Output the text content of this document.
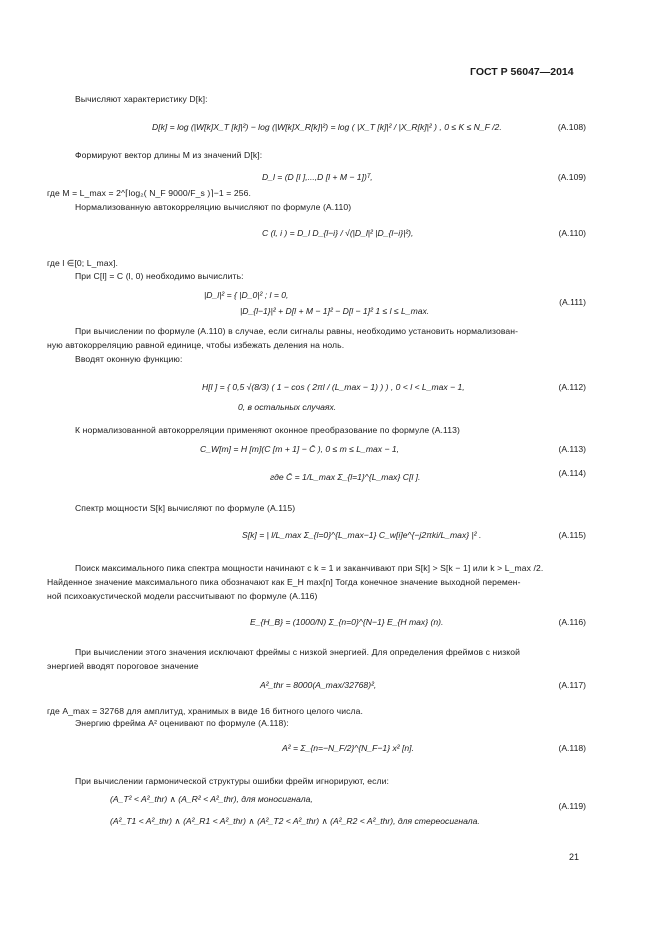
ГОСТ Р 56047—2014
Вычисляют характеристику D[k]:
D[k] = log (|W[k]X_T [k]|²) − log (|W[k]X_R[k]|²) = log ( |X_T [k]|² / |X_R[k]|² ) , 0 ≤ K ≤ N_F /2.	(А.108)
Формируют вектор длины M из значений D[k]:
D_l = (D [l ],...,D [l + M − 1])ᵀ,	(А.109)
где M = L_max = 2^⌈log₂( N_F 9000/F_s )⌉−1 = 256.
Нормализованную автокорреляцию вычисляют по формуле (А.110)
C (l, i ) = D_l D_{l−i} / √(|D_l|² |D_{l−i}|²),	(А.110)
где l ∈[0; L_max].
При C[l] = C (l, 0) необходимо вычислить:
|D_l|² = { |D_0|² ; l = 0,
|D_{l−1}|² + D[l + M − 1]² − D[l − 1]² 1 ≤ l ≤ L_max.
(А.111)
При вычислении по формуле (А.110) в случае, если сигналы равны, необходимо установить нормализован-
ную автокорреляцию равной единице, чтобы избежать деления на ноль.
Вводят оконную функцию:
H[l ] = { 0,5 √(8/3) ( 1 − cos ( 2πl / (L_max − 1) ) ) , 0 < l < L_max − 1,	(А.112)
0, в остальных случаях.
К нормализованной автокорреляции применяют оконное преобразование по формуле (А.113)
C_W[m] = H [m](C [m + 1] − C̄ ), 0 ≤ m ≤ L_max − 1,	(А.113)
где C̄ = 1/L_max Σ_{l=1}^{L_max} C[l ].	(А.114)
Спектр мощности S[k] вычисляют по формуле (А.115)
S[k] = | l/L_max Σ_{l=0}^{L_max−1} C_w[i]e^{−j2πki/L_max} |² .	(А.115)
Поиск максимального пика спектра мощности начинают с k = 1 и заканчивают при S[k] > S[k − 1] или k > L_max /2.
Найденное значение максимального пика обозначают как E_H max[n] Тогда конечное значение выходной перемен-
ной психоакустической модели рассчитывают по формуле (А.116)
E_{H_B} = (1000/N) Σ_{n=0}^{N−1} E_{H max} (n).	(А.116)
При вычислении этого значения исключают фреймы с низкой энергией. Для определения фреймов с низкой
энергией вводят пороговое значение
A²_thr = 8000(A_max/32768)²,	(А.117)
где A_max = 32768 для амплитуд, хранимых в виде 16 битного целого числа.
Энергию фрейма A² оценивают по формуле (А.118):
A² = Σ_{n=−N_F/2}^{N_F−1} x² [n].	(А.118)
При вычислении гармонической структуры ошибки фрейм игнорируют, если:
(A_T² < A²_thr) ∧ (A_R² < A²_thr), для моносигнала,
(A²_T1 < A²_thr) ∧ (A²_R1 < A²_thr) ∧ (A²_T2 < A²_thr) ∧ (A²_R2 < A²_thr), для стереосигнала.
(А.119)
21
